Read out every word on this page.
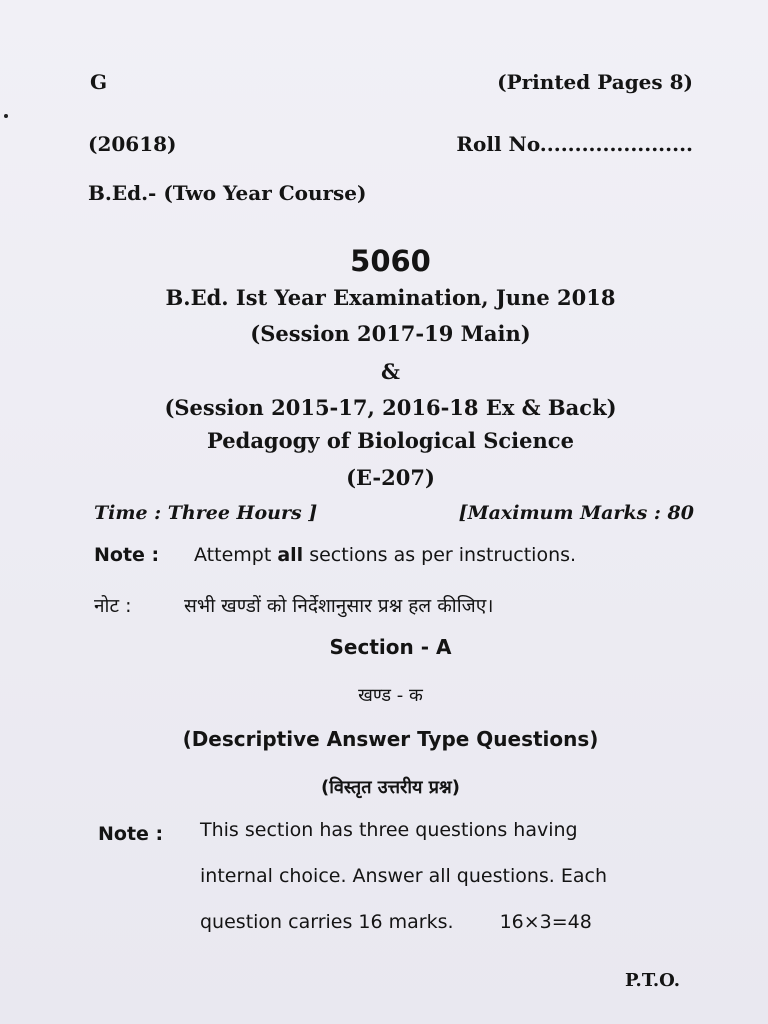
G	(Printed Pages 8)
(20618)	Roll No......................
B.Ed.- (Two Year Course)
5060
B.Ed. Ist Year Examination, June 2018
(Session 2017-19 Main)
&
(Session 2015-17, 2016-18 Ex & Back)
Pedagogy of Biological Science
(E-207)
Time : Three Hours ]	[Maximum Marks : 80
Note : Attempt all sections as per instructions.
नोट :	सभी खण्डों को निर्देशानुसार प्रश्न हल कीजिए।
Section - A
खण्ड - क
(Descriptive Answer Type Questions)
(विस्तृत उत्तरीय प्रश्न)
Note : This section has three questions having
internal choice. Answer all questions. Each
question carries 16 marks. 16×3=48
P.T.O.
